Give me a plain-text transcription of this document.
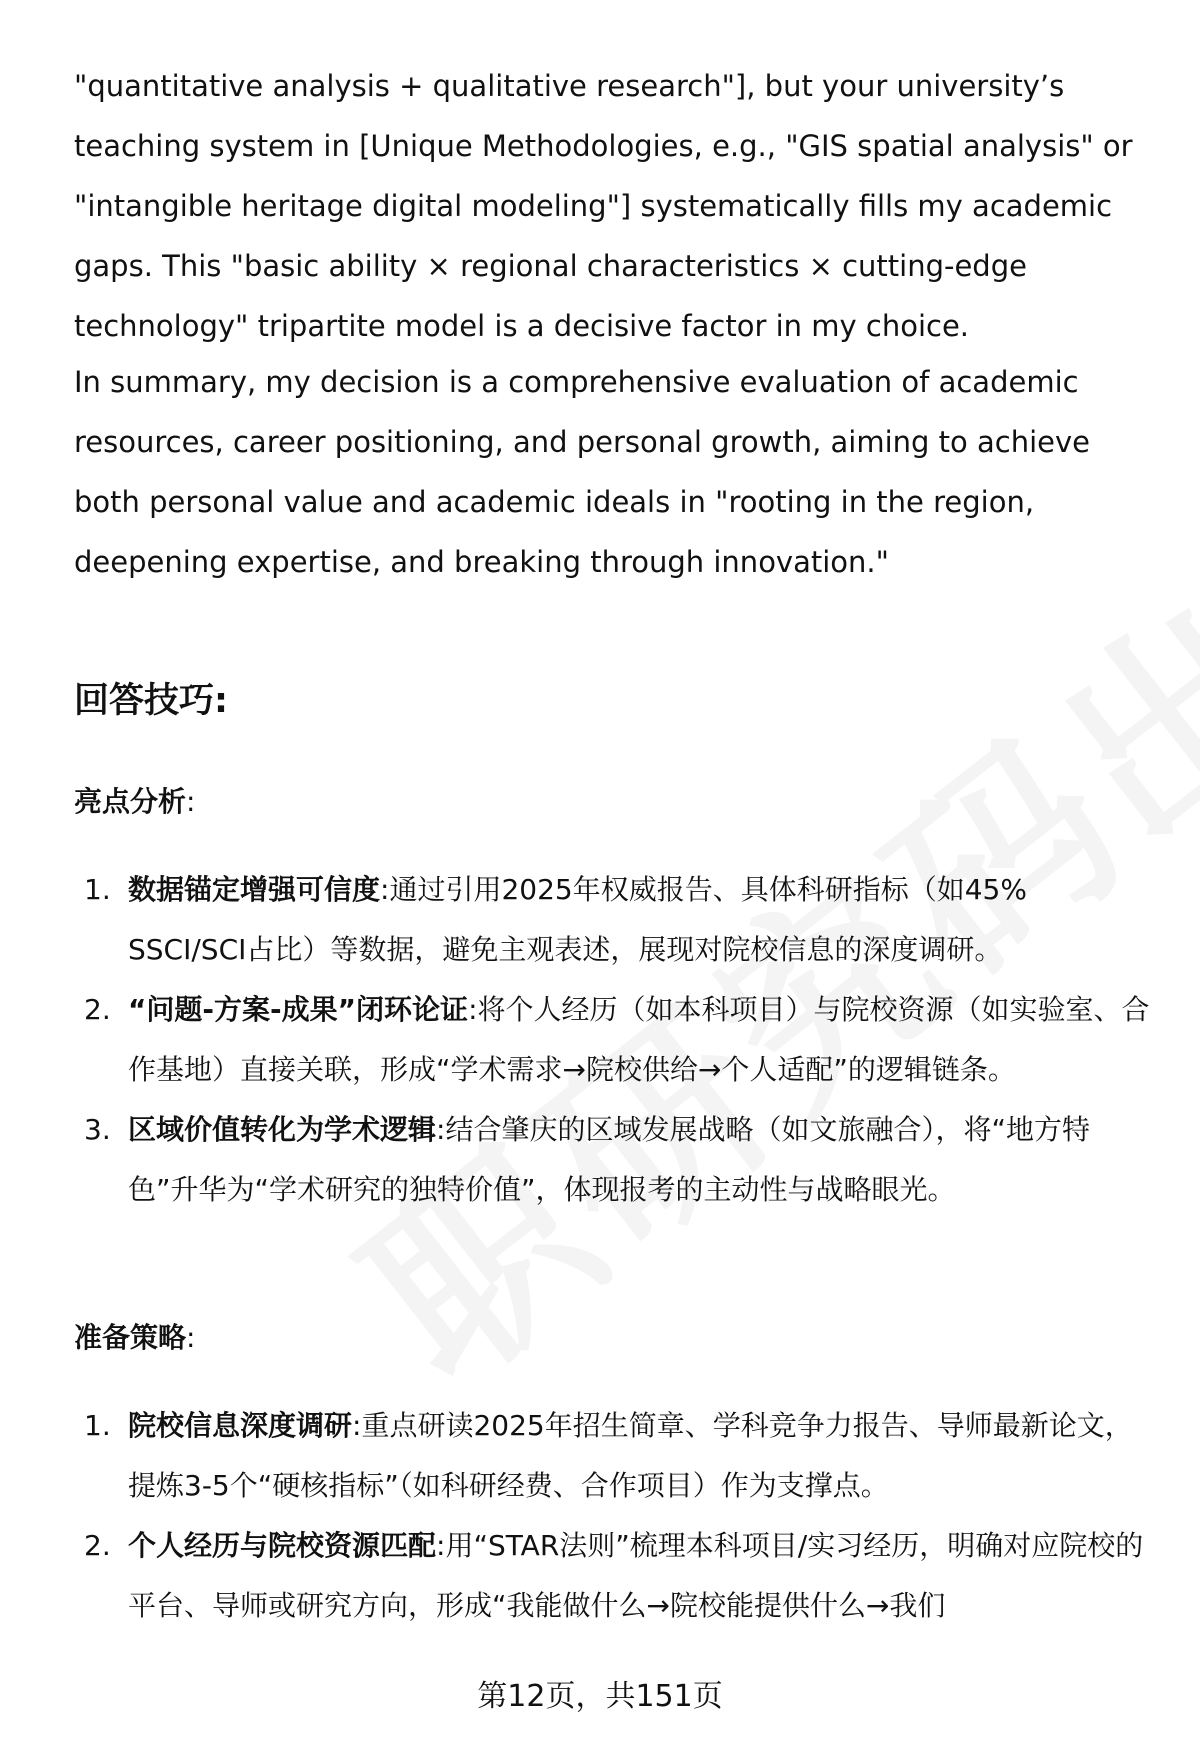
"quantitative analysis + qualitative research"], but your university’s teaching system in [Unique Methodologies, e.g., "GIS spatial analysis" or "intangible heritage digital modeling"] systematically fills my academic gaps. This "basic ability × regional characteristics × cutting-edge technology" tripartite model is a decisive factor in my choice.

In summary, my decision is a comprehensive evaluation of academic resources, career positioning, and personal growth, aiming to achieve both personal value and academic ideals in "rooting in the region, deepening expertise, and breaking through innovation."

回答技巧:

亮点分析:

1. 数据锚定增强可信度:通过引用2025年权威报告、具体科研指标（如45% SSCI/SCI占比）等数据，避免主观表述，展现对院校信息的深度调研。
2. “问题-方案-成果”闭环论证:将个人经历（如本科项目）与院校资源（如实验室、合作基地）直接关联，形成“学术需求→院校供给→个人适配”的逻辑链条。
3. 区域价值转化为学术逻辑:结合肇庆的区域发展战略（如文旅融合），将“地方特色”升华为“学术研究的独特价值”，体现报考的主动性与战略眼光。

准备策略:

1. 院校信息深度调研:重点研读2025年招生简章、学科竞争力报告、导师最新论文，提炼3-5个“硬核指标”（如科研经费、合作项目）作为支撑点。
2. 个人经历与院校资源匹配:用“STAR法则”梳理本科项目/实习经历，明确对应院校的平台、导师或研究方向，形成“我能做什么→院校能提供什么→我们
第12页，共151页
